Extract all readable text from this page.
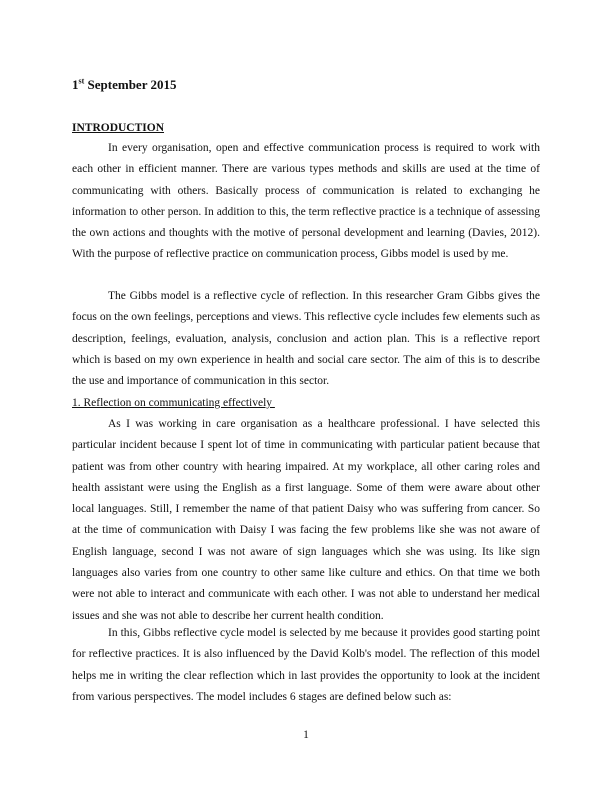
1st September 2015
INTRODUCTION

In every organisation, open and effective communication process is required to work with each other in efficient manner. There are various types methods and skills are used at the time of communicating with others. Basically process of communication is related to exchanging he information to other person. In addition to this, the term reflective practice is a technique of assessing the own actions and thoughts with the motive of personal development and learning (Davies, 2012). With the purpose of reflective practice on communication process, Gibbs model is used by me.

The Gibbs model is a reflective cycle of reflection. In this researcher Gram Gibbs gives the focus on the own feelings, perceptions and views. This reflective cycle includes few elements such as description, feelings, evaluation, analysis, conclusion and action plan. This is a reflective report which is based on my own experience in health and social care sector. The aim of this is to describe the use and importance of communication in this sector.

1. Reflection on communicating effectively

As I was working in care organisation as a healthcare professional. I have selected this particular incident because I spent lot of time in communicating with particular patient because that patient was from other country with hearing impaired. At my workplace, all other caring roles and health assistant were using the English as a first language. Some of them were aware about other local languages. Still, I remember the name of that patient Daisy who was suffering from cancer. So at the time of communication with Daisy I was facing the few problems like she was not aware of English language, second I was not aware of sign languages which she was using. Its like sign languages also varies from one country to other same like culture and ethics. On that time we both were not able to interact and communicate with each other. I was not able to understand her medical issues and she was not able to describe her current health condition.

In this, Gibbs reflective cycle model is selected by me because it provides good starting point for reflective practices. It is also influenced by the David Kolb's model. The reflection of this model helps me in writing the clear reflection which in last provides the opportunity to look at the incident from various perspectives. The model includes 6 stages are defined below such as:

1
